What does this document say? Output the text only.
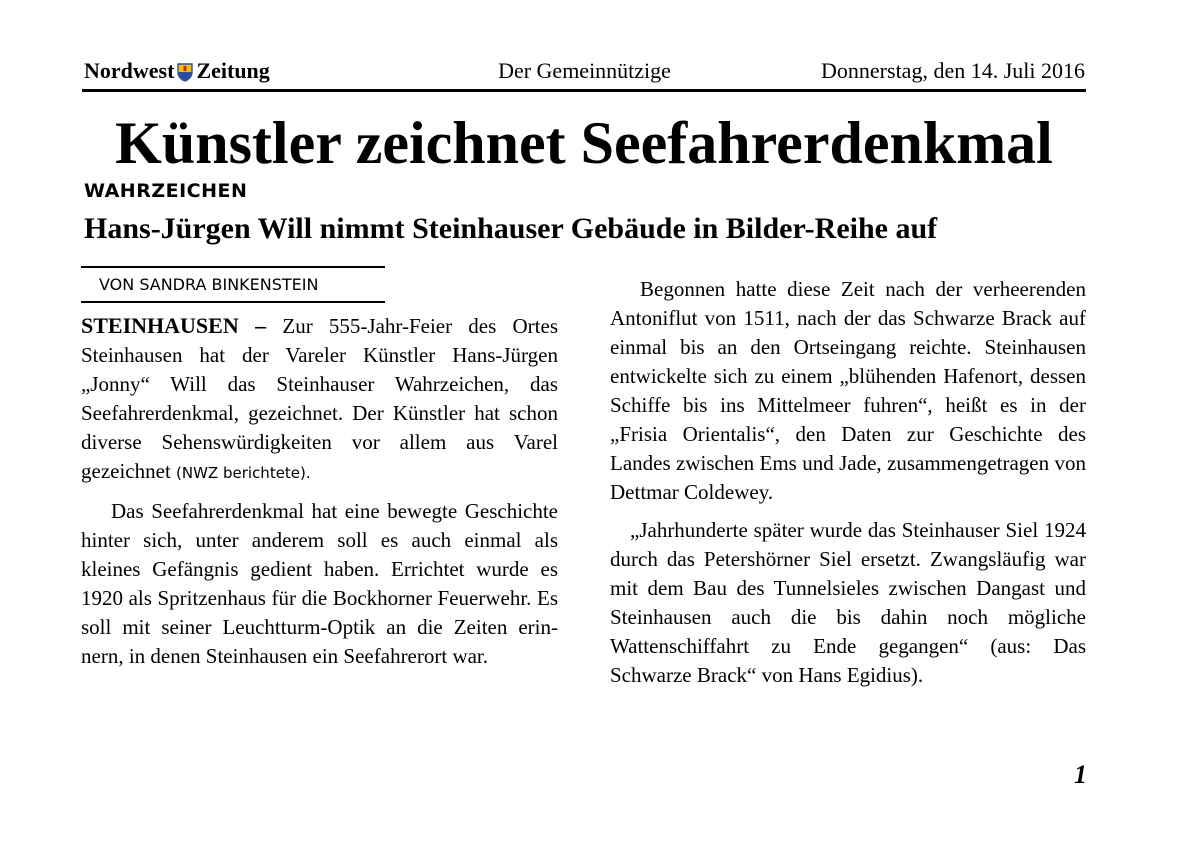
Nordwest Zeitung	Der Gemeinnützige	Donnerstag, den 14. Juli 2016
Künstler zeichnet Seefahrerdenkmal
WAHRZEICHEN
Hans-Jürgen Will nimmt Steinhauser Gebäude in Bilder-Reihe auf
VON SANDRA BINKENSTEIN

STEINHAUSEN – Zur 555-Jahr-Feier des Ortes Steinhausen hat der Vareler Künstler Hans-Jürgen „Jonny“ Will das Steinhauser Wahrzeichen, das Seefahrerdenkmal, gezeichnet. Der Künstler hat schon diverse Sehenswürdigkeiten vor allem aus Varel gezeichnet (NWZ berichtete).

Das Seefahrerdenkmal hat eine bewegte Geschichte hinter sich, unter anderem soll es auch einmal als kleines Gefängnis gedient haben. Errichtet wurde es 1920 als Spritzenhaus für die Bockhorner Feuerwehr. Es soll mit seiner Leuchtturm-Optik an die Zeiten erin-nern, in denen Steinhausen ein Seefahrerort war.

Begonnen hatte diese Zeit nach der verheerenden Antoniflut von 1511, nach der das Schwarze Brack auf einmal bis an den Ortseingang reichte. Steinhausen entwickelte sich zu einem „blühenden Hafenort, dessen Schiffe bis ins Mittelmeer fuhren“, heißt es in der „Frisia Orientalis“, den Daten zur Geschichte des Landes zwischen Ems und Jade, zusammengetragen von Dettmar Coldewey.

„Jahrhunderte später wurde das Steinhauser Siel 1924 durch das Petershörner Siel ersetzt. Zwangsläufig war mit dem Bau des Tunnelsieles zwischen Dangast und Steinhausen auch die bis dahin noch mögliche Wattenschiffahrt zu Ende gegangen“ (aus: Das Schwarze Brack“ von Hans Egidius).

1
